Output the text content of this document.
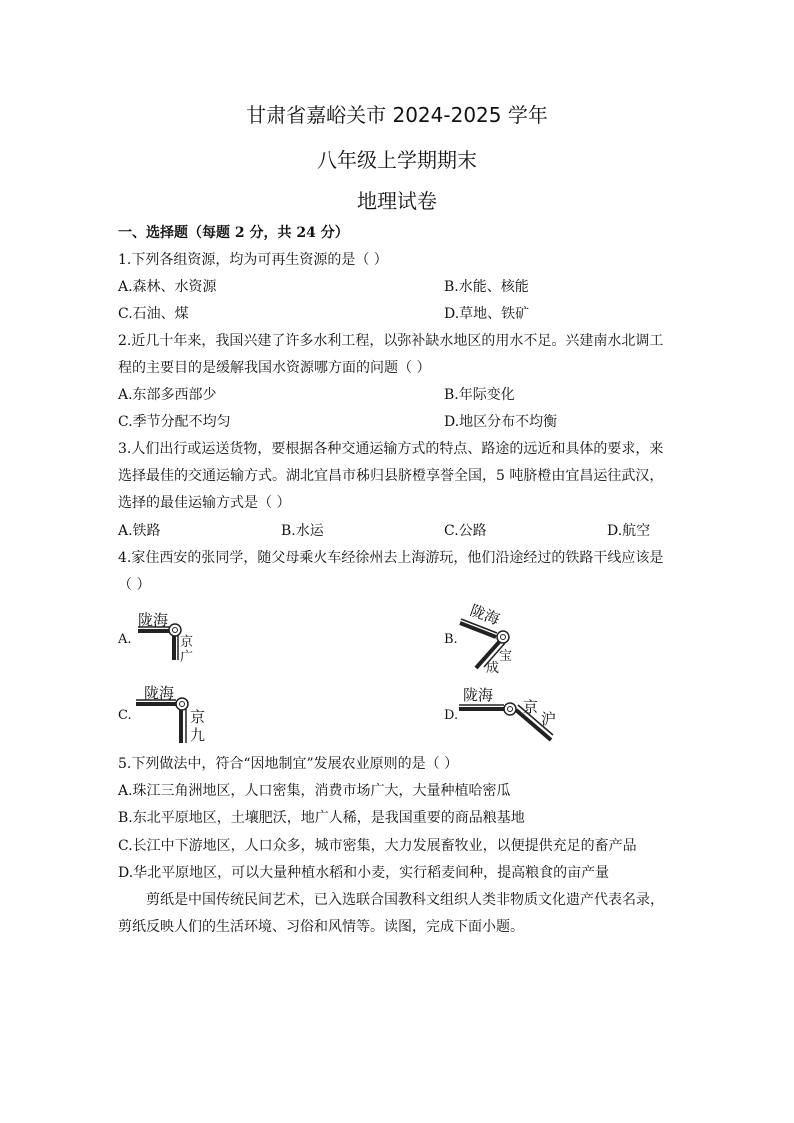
甘肃省嘉峪关市 2024-2025 学年
八年级上学期期末
地理试卷
一、选择题（每题 2 分，共 24 分）
1.下列各组资源，均为可再生资源的是（ ）
A.森林、水资源	B.水能、核能
C.石油、煤	D.草地、铁矿
2.近几十年来，我国兴建了许多水利工程，以弥补缺水地区的用水不足。兴建南水北调工
程的主要目的是缓解我国水资源哪方面的问题（ ）
A.东部多西部少	B.年际变化
C.季节分配不均匀	D.地区分布不均衡
3.人们出行或运送货物，要根据各种交通运输方式的特点、路途的远近和具体的要求，来
选择最佳的交通运输方式。湖北宜昌市秭归县脐橙享誉全国，5 吨脐橙由宜昌运往武汉，
选择的最佳运输方式是（ ）
A.铁路	B.水运	C.公路	D.航空
4.家住西安的张同学，随父母乘火车经徐州去上海游玩，他们沿途经过的铁路干线应该是
（ ）
A.
陇海
京
广
B.
陇海
宝
成
C.
陇海
京
九
D.
陇海
京
沪
5.下列做法中，符合“因地制宜”发展农业原则的是（ ）
A.珠江三角洲地区，人口密集，消费市场广大，大量种植哈密瓜
B.东北平原地区，土壤肥沃，地广人稀，是我国重要的商品粮基地
C.长江中下游地区，人口众多，城市密集，大力发展畜牧业，以便提供充足的畜产品
D.华北平原地区，可以大量种植水稻和小麦，实行稻麦间种，提高粮食的亩产量
剪纸是中国传统民间艺术，已入选联合国教科文组织人类非物质文化遗产代表名录，
剪纸反映人们的生活环境、习俗和风情等。读图，完成下面小题。
